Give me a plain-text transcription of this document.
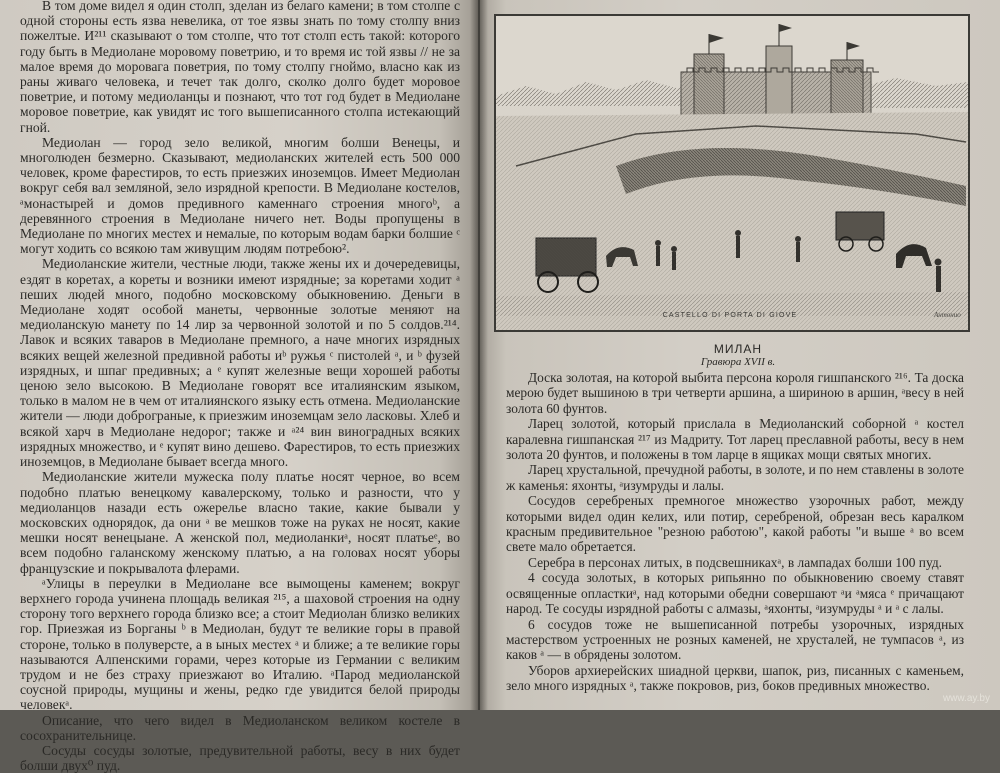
В том доме видел я один столп, зделан из белаго камени; в том столпе с одной стороны есть язва невелика, от тое язвы знать по тому столпу вниз пожелтые. И²¹¹ сказывают о том столпе, что тот столп есть такой: которого году быть в Медиолане моровому поветрию, и то время ис той язвы // не за малое время до моровага поветрия, по тому столпу гноймо, власно как из раны живаго человека, и течет так долго, сколко долго будет моровое поветрие, и потому медиоланцы и познают, что тот год будет в Медиолане моровое поветрие, как увидят ис того вышеписанного столпа истекающий гной.

Медиолан — город зело великой, многим болши Венецы, и многолюден безмерно. Сказывают, медиоланских жителей есть 500 000 человек, кроме фарестиров, то есть приезжих иноземцов. Имеет Медиолан вокруг себя вал земляной, зело изрядной крепости. В Медиолане костелов, ᵃмонастырей и домов предивного каменнаго строения многоᵇ, а деревянного строения в Медиолане ничего нет. Воды пропущены в Медиолане по многих местех и немалые, по которым водам барки болшие ᶜ могут ходить со всякою там живущим людям потребою².

Медиоланские жители, честные люди, также жены их и дочередевицы, ездят в коретах, а кореты и возники имеют изрядные; за коретами ходит ᵃ пеших людей много, подобно московскому обыкновению. Деньги в Медиолане ходят особой манеты, червонные золотые меняют на медиоланскую манету по 14 лир за червонной золотой и по 5 солдов.²¹⁴. Лавок и всяких таваров в Медиолане премного, а наче многих изрядных всяких вещей железной предивной работы иᵇ ружья ᶜ пистолей ᵃ, и ᵇ фузей изрядных, и шпаг предивных; а ᵉ купят железные вещи хорошей работы ценою зело высокою. В Медиолане говорят все италиянским языком, только в малом не в чем от италиянского языку есть отмена. Медиоланские жители — люди доброграные, к приезжим иноземцам зело ласковы. Хлеб и всякой харч в Медиолане недорог; также и ᵃ²⁴ вин виноградных всяких изрядных множество, и ᵉ купят вино дешево. Фарестиров, то есть приезжих иноземцов, в Медиолане бывает всегда много.

Медиоланские жители мужеска полу платье носят черное, во всем подобно платью венецкому кавалерскому, только и разности, что у медиоланцов назади есть ожерелье власно такие, какие бывали у московских однорядок, да они ᵃ ве мешков тоже на руках не носят, какие мешки носят венецыане. А женской пол, медиоланкиᵃ, носят платьеᵉ, во всем подобно галанскому женскому платью, а на головах носят уборы французские и покрывалота флерами.

ᵃУлицы в переулки в Медиолане все вымощены каменем; вокруг верхнего города учинена площадь великая ²¹⁵, а шаховой строения на одну сторону того верхнего города близко все; а стоит Медиолан близко великих гор. Приезжая из Борганы ᵇ в Медиолан, будут те великие горы в правой стороне, только в полуверсте, а в ыных местех ᵃ и ближе; а те великие горы называются Алпенскими горами, через которые из Германии с великим трудом и не без страху приезжают во Италию. ᵃПарод медиоланской соусной природы, мущины и жены, редко где увидится белой природы человекᵃ.

Описание, что чего видел в Медиоланском великом костеле в сосохранительнице.

Сосуды сосуды золотые, предувительной работы, весу в них будет болши двух⁰ пуд.

CASTELLO DI PORTA DI GIOVE	Антонио
МИЛАН
Гравюра XVII в.

Доска золотая, на которой выбита персона короля гишпанского ²¹⁶. Та доска мерою будет вышиною в три четверти аршина, а шириною в аршин, ᵃвесу в ней золота 60 фунтов.

Ларец золотой, который прислала в Медиоланский соборной ᵃ костел каралевна гишпанская ²¹⁷ из Мадриту. Тот ларец преславной работы, весу в нем золота 20 фунтов, и положены в том ларце в ящиках мощи святых многих.

Ларец хрустальной, пречудной работы, в золоте, и по нем ставлены в золоте ж каменья: яхонты, ᵃизумруды и лалы.

Сосудов серебреных премногое множество узорочных работ, между которыми видел один келих, или потир, серебреной, обрезан весь каралком красным предивительное "резною работою", какой работы "и выше ᵃ во всем свете мало обретается.

Серебра в персонах литых, в подсвешникахᵃ, в лампадах болши 100 пуд.

4 сосуда золотых, в которых рипьянно по обыкновению своему ставят освященные опласткиᵃ, над которыми обедни совершают ᵃи ᵃмяса ᵉ причащают народ. Те сосуды изрядной работы с алмазы, ᵃяхонты, ᵃизумруды ᵃ и ᵃ с лалы.

6 сосудов тоже не вышеписанной потребы узорочных, изрядных мастерством устроенных не розных каменей, не хрусталей, не тумпасов ᵃ, из каков ᵃ — в обрядены золотом.

Уборов архиерейских шиадной церкви, шапок, риз, писанных с каменьем, зело много изрядных ᵃ, также покровов, риз, боков предивных множество.

www.ay.by
